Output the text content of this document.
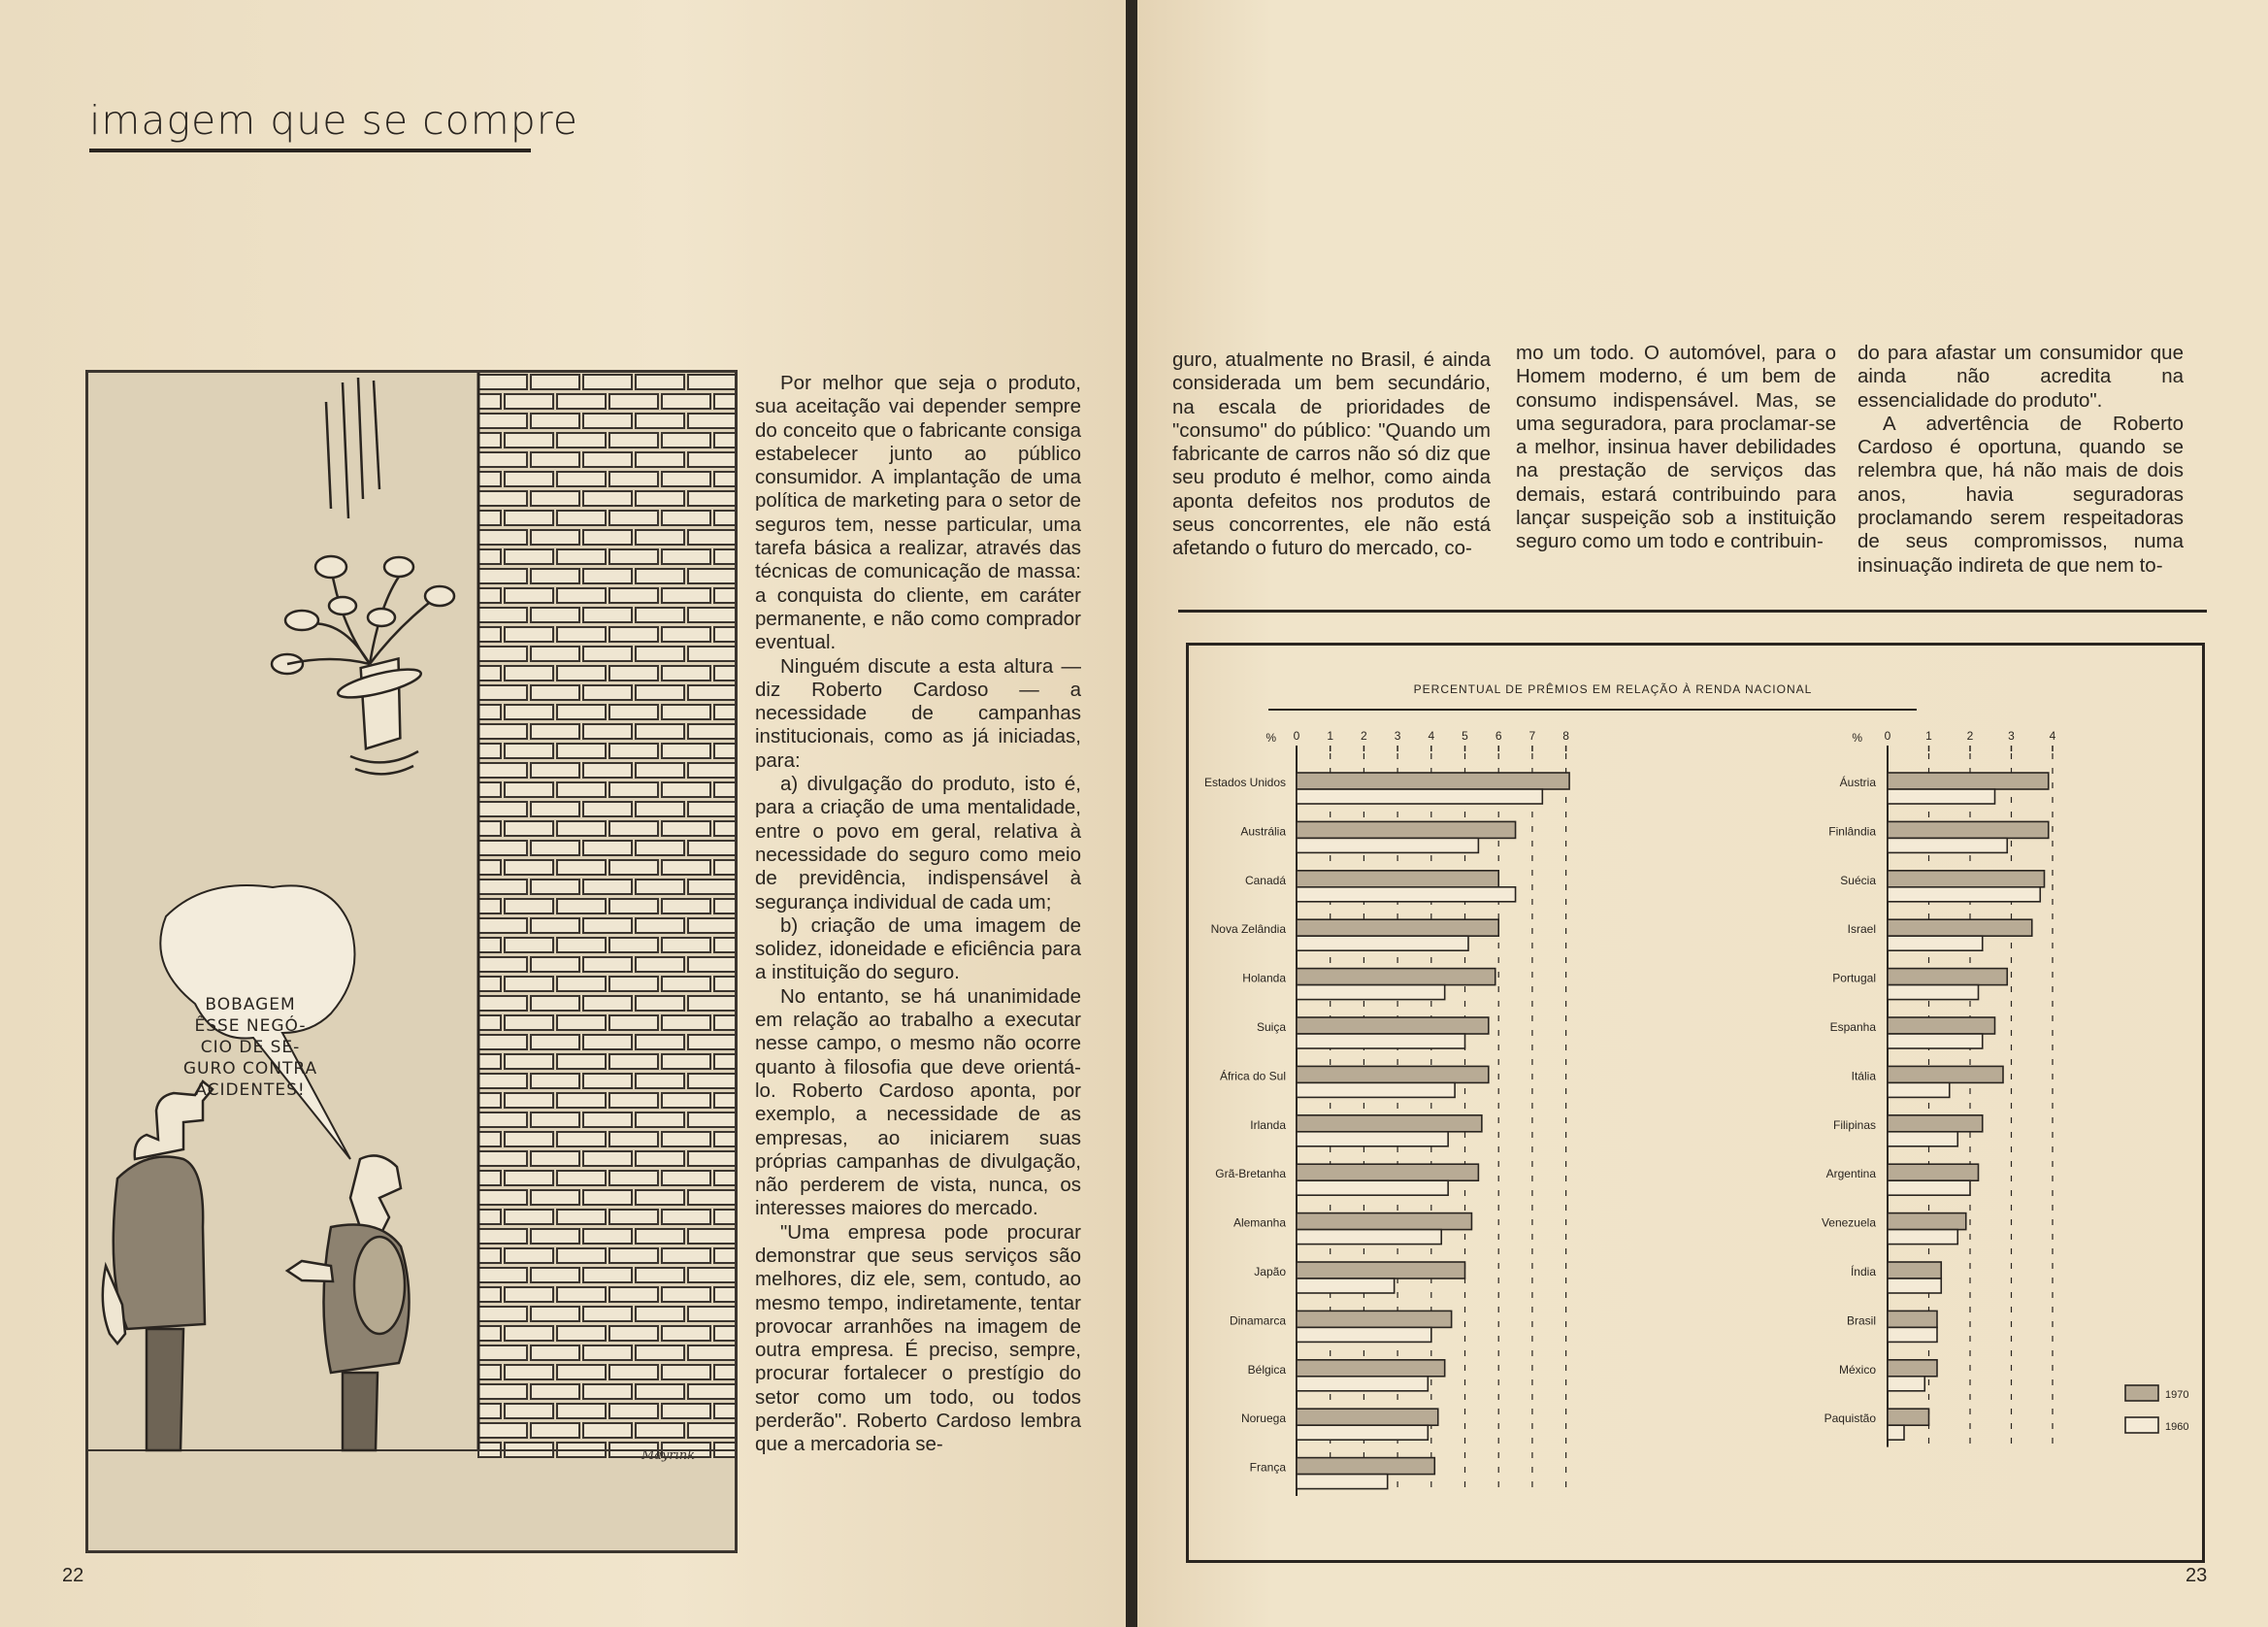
imagem que se compre
BOBAGEM
ÊSSE NEGÓ-
CIO DE SE-
GURO CONTRA
ACIDENTES!
Mayrink

Por melhor que seja o produto, sua aceitação vai depender sempre do conceito que o fabricante consiga estabelecer junto ao público consumidor. A implantação de uma política de marketing para o setor de seguros tem, nesse particular, uma tarefa básica a realizar, através das técnicas de comunicação de massa: a conquista do cliente, em caráter permanente, e não como comprador eventual.

Ninguém discute a esta altura — diz Roberto Cardoso — a necessidade de campanhas institucionais, como as já iniciadas, para:

a) divulgação do produto, isto é, para a criação de uma mentalidade, entre o povo em geral, relativa à necessidade do seguro como meio de previdência, indispensável à segurança individual de cada um;

b) criação de uma imagem de solidez, idoneidade e eficiência para a instituição do seguro.

No entanto, se há unanimidade em relação ao trabalho a executar nesse campo, o mesmo não ocorre quanto à filosofia que deve orientá-lo. Roberto Cardoso aponta, por exemplo, a necessidade de as empresas, ao iniciarem suas próprias campanhas de divulgação, não perderem de vista, nunca, os interesses maiores do mercado.

"Uma empresa pode procurar demonstrar que seus serviços são melhores, diz ele, sem, contudo, ao mesmo tempo, indiretamente, tentar provocar arranhões na imagem de outra empresa. É preciso, sempre, procurar fortalecer o prestígio do setor como um todo, ou todos perderão". Roberto Cardoso lembra que a mercadoria se-

22

guro, atualmente no Brasil, é ainda considerada um bem secundário, na escala de prioridades de "consumo" do público: "Quando um fabricante de carros não só diz que seu produto é melhor, como ainda aponta defeitos nos produtos de seus concorrentes, ele não está afetando o futuro do mercado, co-

mo um todo. O automóvel, para o Homem moderno, é um bem de consumo indispensável. Mas, se uma seguradora, para proclamar-se a melhor, insinua haver debilidades na prestação de serviços das demais, estará contribuindo para lançar suspeição sob a instituição seguro como um todo e contribuin-

do para afastar um consumidor que ainda não acredita na essencialidade do produto".

A advertência de Roberto Cardoso é oportuna, quando se relembra que, há não mais de dois anos, havia seguradoras proclamando serem respeitadoras de seus compromissos, numa insinuação indireta de que nem to-

PERCENTUAL DE PRÊMIOS EM RELAÇÃO À RENDA NACIONAL
% 0 1 2 3 4 5 6 7 8
Estados Unidos
Austrália
Canadá
Nova Zelândia
Holanda
Suiça
África do Sul
Irlanda
Grã-Bretanha
Alemanha
Japão
Dinamarca
Bélgica
Noruega
França
% 0	1	2	3	4
Áustria
Finlândia
Suécia
Israel
Portugal
Espanha
Itália
Filipinas
Argentina
Venezuela
Índia
Brasil
México
Paquistão
1970
1960
23
